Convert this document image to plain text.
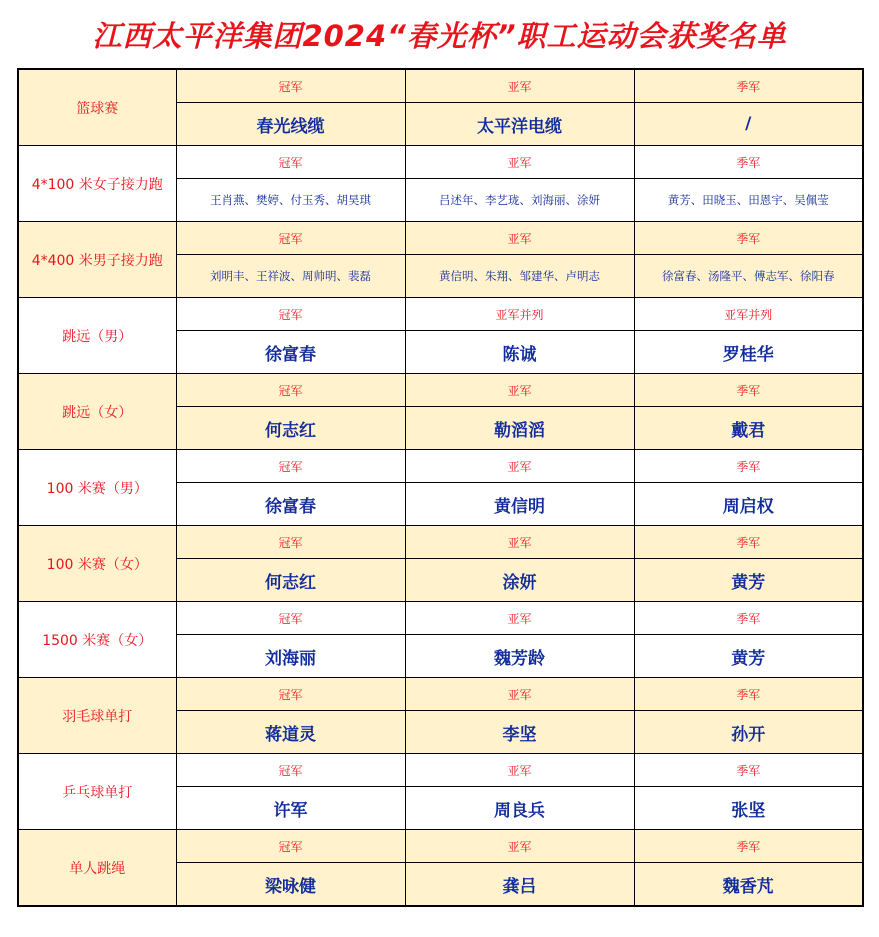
江西太平洋集团2024“春光杯”职工运动会获奖名单
篮球赛	冠军	亚军	季军
	春光线缆	太平洋电缆	/
4*100 米女子接力跑	冠军	亚军	季军
	王肖燕、樊婷、付玉秀、胡昊琪	吕述年、李艺珑、刘海丽、涂妍	黄芳、田晓玉、田恩宇、吴佩莹
4*400 米男子接力跑	冠军	亚军	季军
	刘明丰、王祥波、周帅明、裴磊	黄信明、朱翔、邹建华、卢明志	徐富春、汤隆平、傅志军、徐阳春
跳远（男）	冠军	亚军并列	亚军并列
	徐富春	陈诚	罗桂华
跳远（女）	冠军	亚军	季军
	何志红	勒滔滔	戴君
100 米赛（男）	冠军	亚军	季军
	徐富春	黄信明	周启权
100 米赛（女）	冠军	亚军	季军
	何志红	涂妍	黄芳
1500 米赛（女）	冠军	亚军	季军
	刘海丽	魏芳龄	黄芳
羽毛球单打	冠军	亚军	季军
	蒋道灵	李坚	孙开
乒乓球单打	冠军	亚军	季军
	许军	周良兵	张坚
单人跳绳	冠军	亚军	季军
	梁咏健	龚吕	魏香芃
